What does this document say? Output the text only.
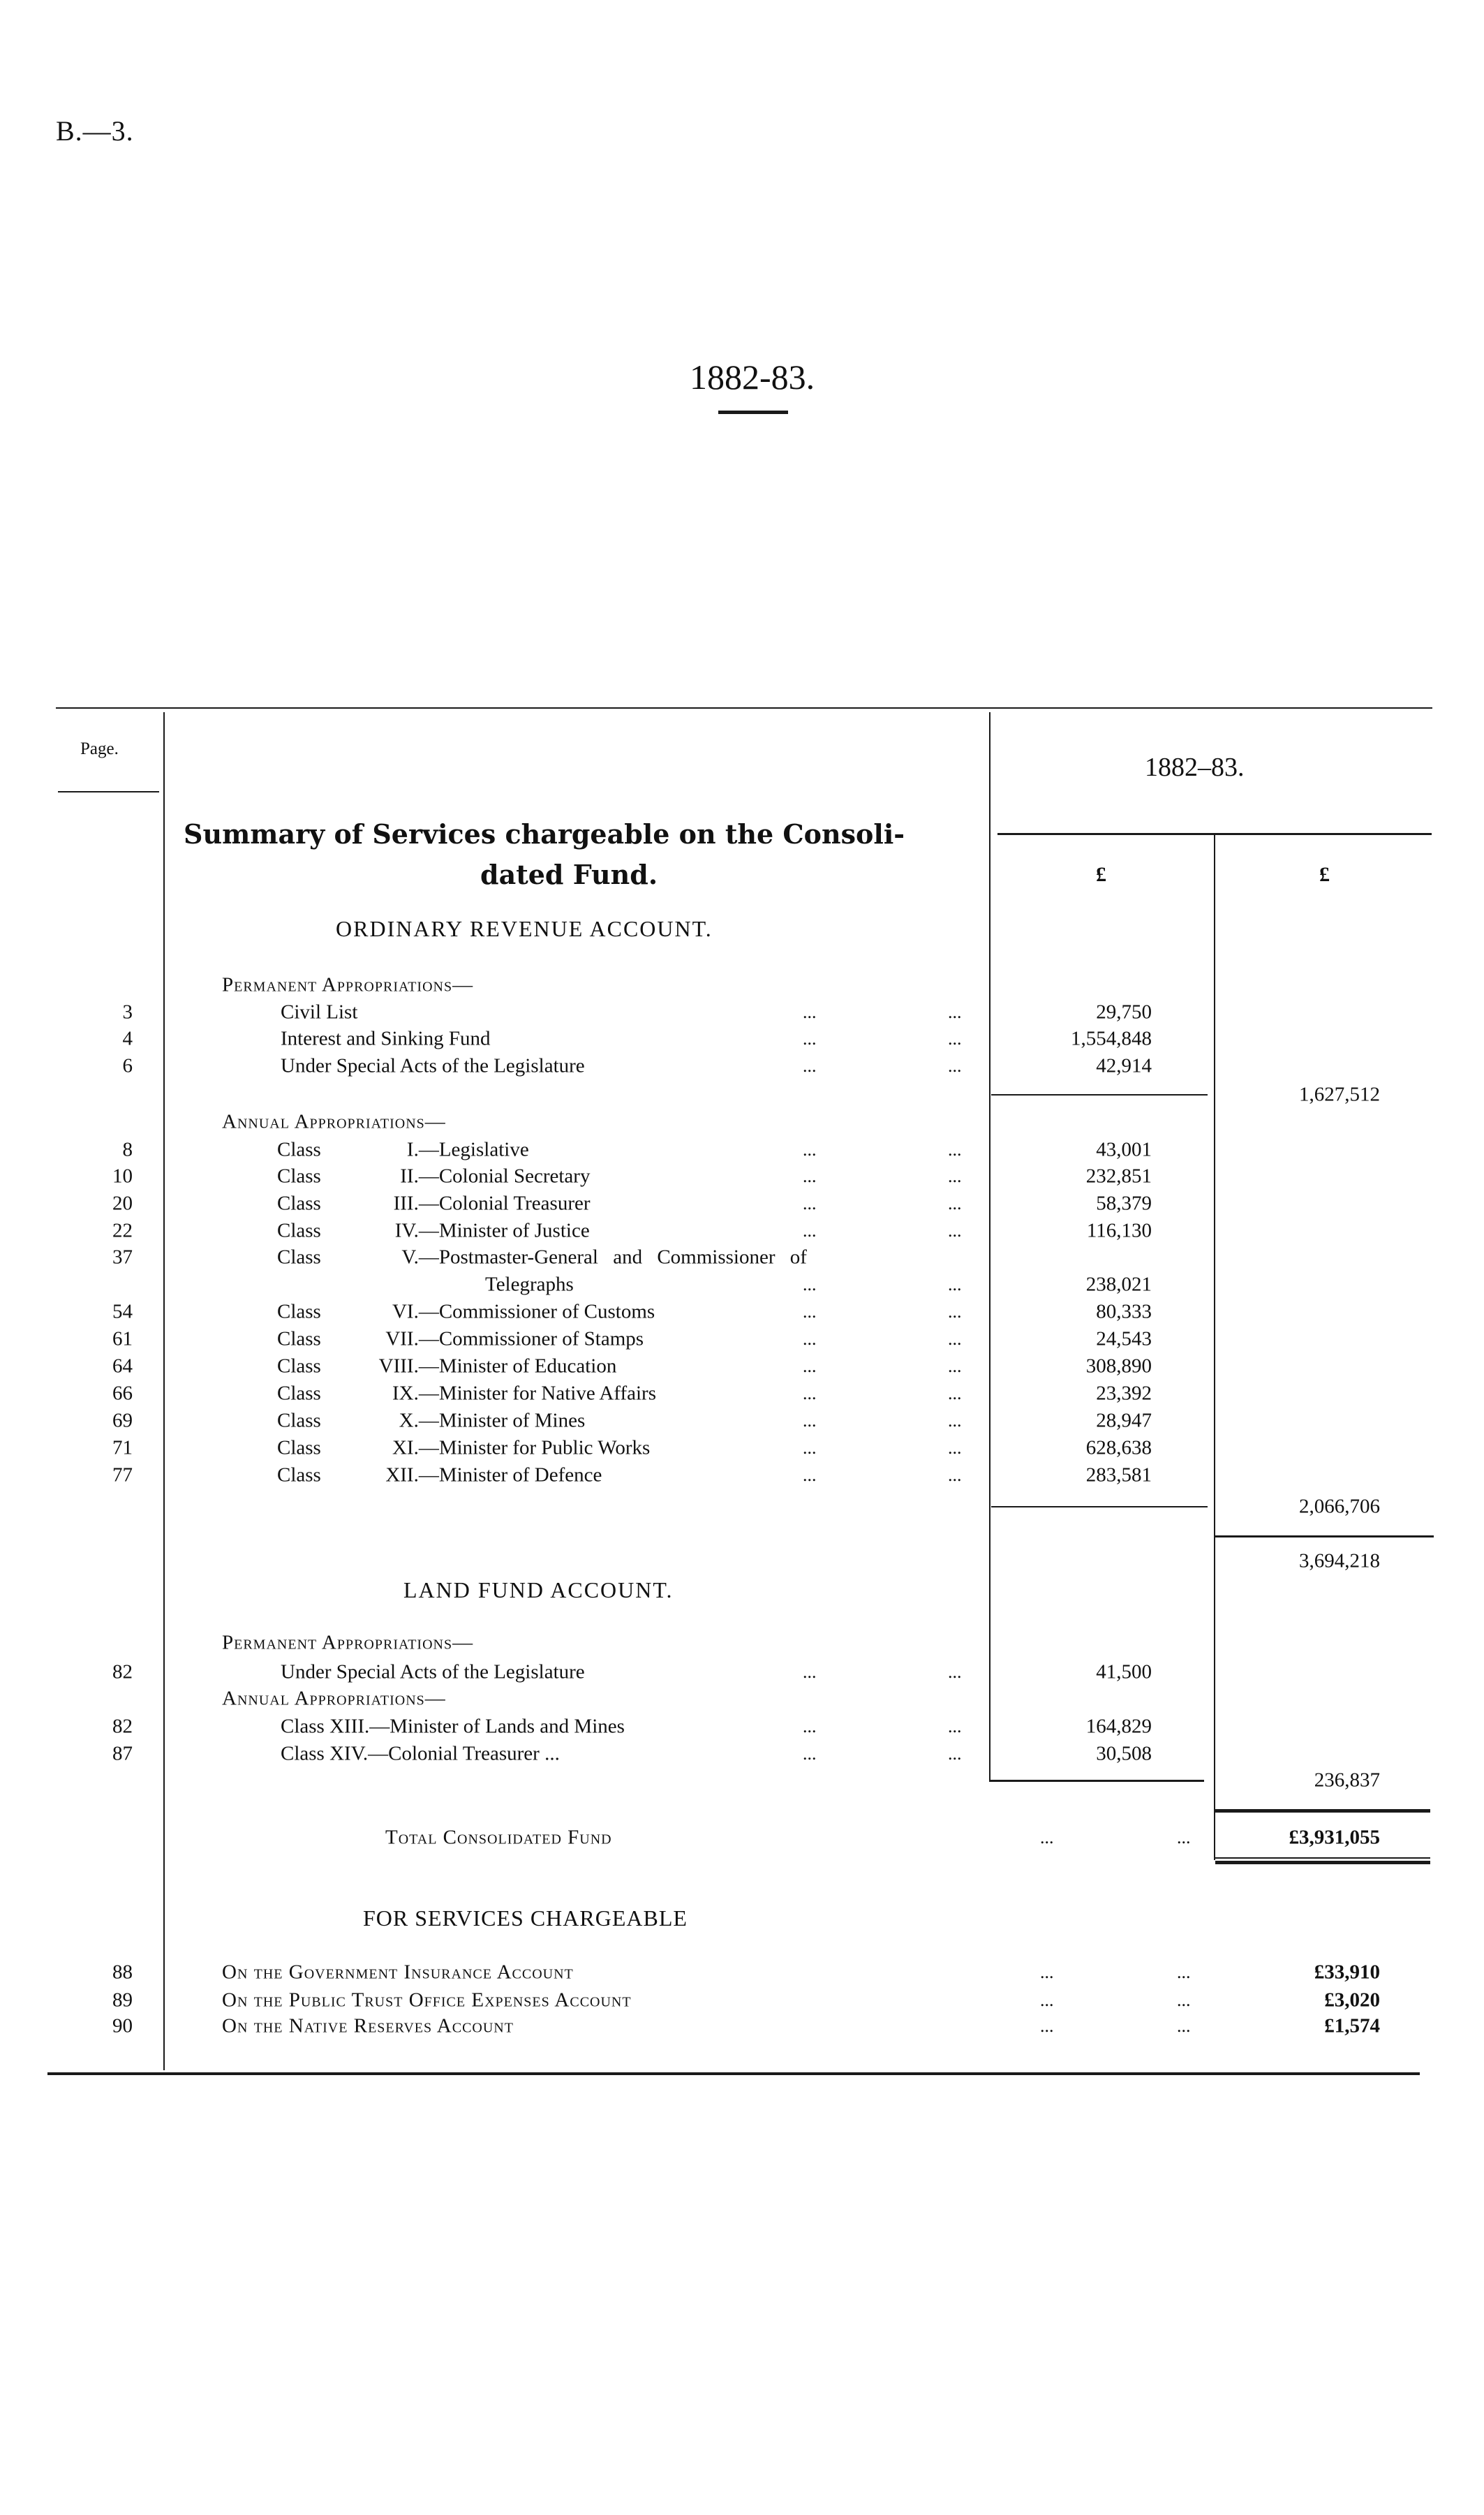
B.—3.
1882-83.
Page.
1882–83.
£	£
Summary of Services chargeable on the Consoli-
dated Fund.
ORDINARY REVENUE ACCOUNT.
Permanent Appropriations—
3	Civil List	...	...	29,750
4	Interest and Sinking Fund	...	...	1,554,848
6	Under Special Acts of the Legislature	...	...	42,914
1,627,512
Annual Appropriations—
8	Class	I.—Legislative	...	...	43,001
10	Class	II.—Colonial Secretary	...	...	232,851
20	Class	III.—Colonial Treasurer	...	...	58,379
22	Class	IV.—Minister of Justice	...	...	116,130
37	Class	V.—Postmaster-General and Commissioner of
Telegraphs	...	...	238,021
54	Class	VI.—Commissioner of Customs	...	...	80,333
61	Class	VII.—Commissioner of Stamps	...	...	24,543
64	Class	VIII.—Minister of Education	...	...	308,890
66	Class	IX.—Minister for Native Affairs	...	...	23,392
69	Class	X.—Minister of Mines	...	...	28,947
71	Class	XI.—Minister for Public Works	...	...	628,638
77	Class	XII.—Minister of Defence	...	...	283,581
2,066,706
3,694,218
LAND FUND ACCOUNT.
Permanent Appropriations—
82	Under Special Acts of the Legislature	...	...	41,500
Annual Appropriations—
82	Class XIII.—Minister of Lands and Mines	...	...	164,829
87	Class XIV.—Colonial Treasurer ...	...	...	30,508
236,837
Total Consolidated Fund	...	...	£3,931,055
FOR SERVICES CHARGEABLE
88	On the Government Insurance Account	...	...	£33,910
89	On the Public Trust Office Expenses Account	...	...	£3,020
90	On the Native Reserves Account	...	...	£1,574
